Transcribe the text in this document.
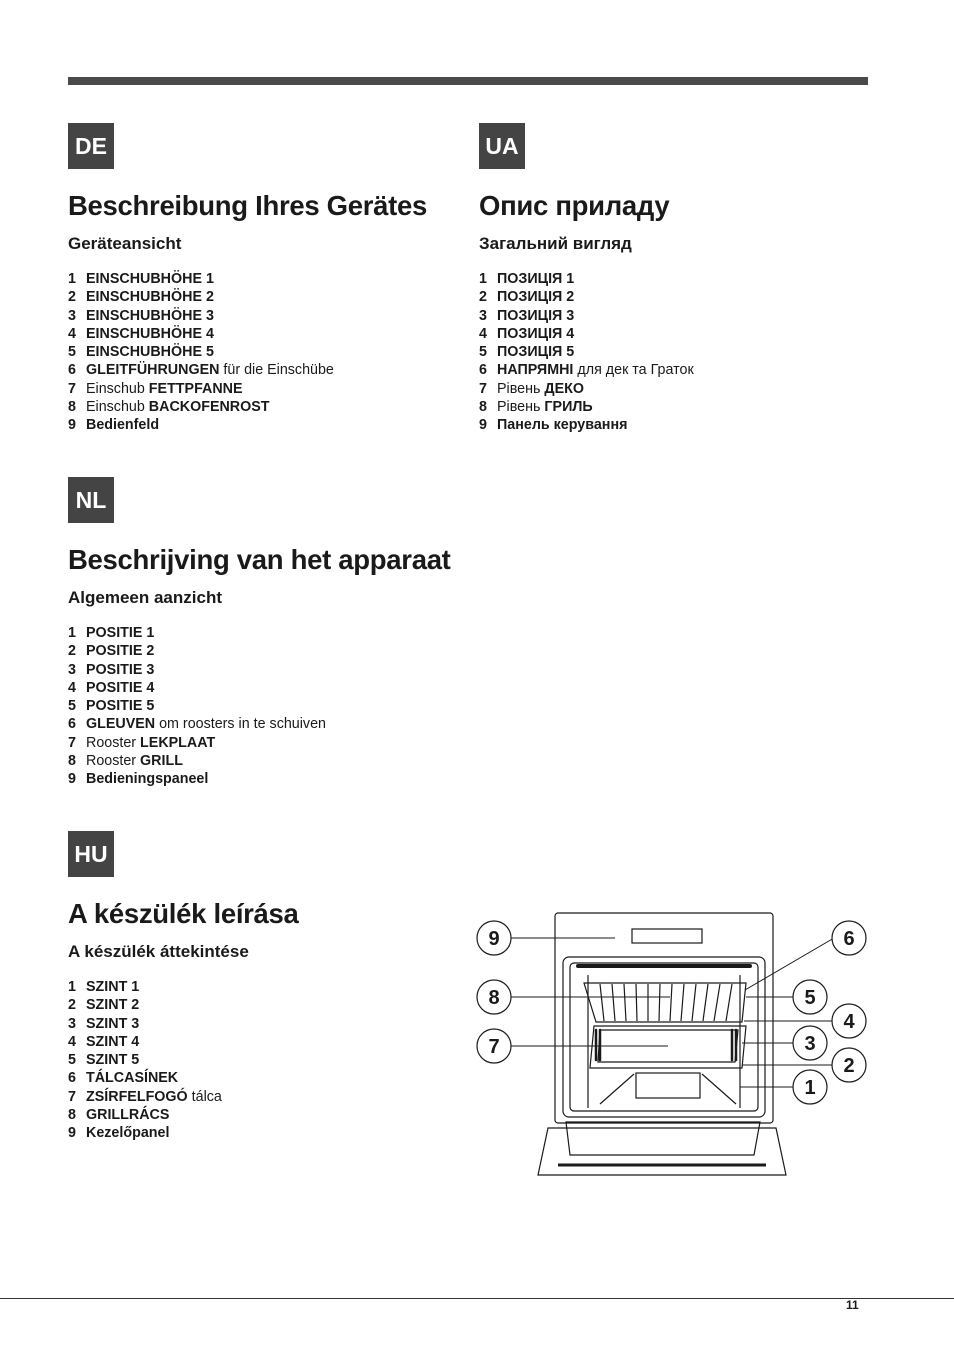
DE
Beschreibung Ihres Gerätes
Geräteansicht
1 EINSCHUBHÖHE 1
2 EINSCHUBHÖHE 2
3 EINSCHUBHÖHE 3
4 EINSCHUBHÖHE 4
5 EINSCHUBHÖHE 5
6 GLEITFÜHRUNGEN für die Einschübe
7 Einschub FETTPFANNE
8 Einschub BACKOFENROST
9 Bedienfeld
UA
Опис приладу
Загальний вигляд
1 ПОЗИЦІЯ 1
2 ПОЗИЦІЯ 2
3 ПОЗИЦІЯ 3
4 ПОЗИЦІЯ 4
5 ПОЗИЦІЯ 5
6 НАПРЯМНІ для дек та Граток
7 Рівень ДЕКО
8 Рівень ГРИЛЬ
9 Панель керування
NL
Beschrijving van het apparaat
Algemeen aanzicht
1 POSITIE 1
2 POSITIE 2
3 POSITIE 3
4 POSITIE 4
5 POSITIE 5
6 GLEUVEN om roosters in te schuiven
7 Rooster LEKPLAAT
8 Rooster GRILL
9 Bedieningspaneel
HU
A készülék leírása
A készülék áttekintése
1 SZINT 1
2 SZINT 2
3 SZINT 3
4 SZINT 4
5 SZINT 5
6 TÁLCASÍNEK
7 ZSÍRFELFOGÓ tálca
8 GRILLRÁCS
9 Kezelőpanel
9
8
7
6
5
4
3
2
1
11
